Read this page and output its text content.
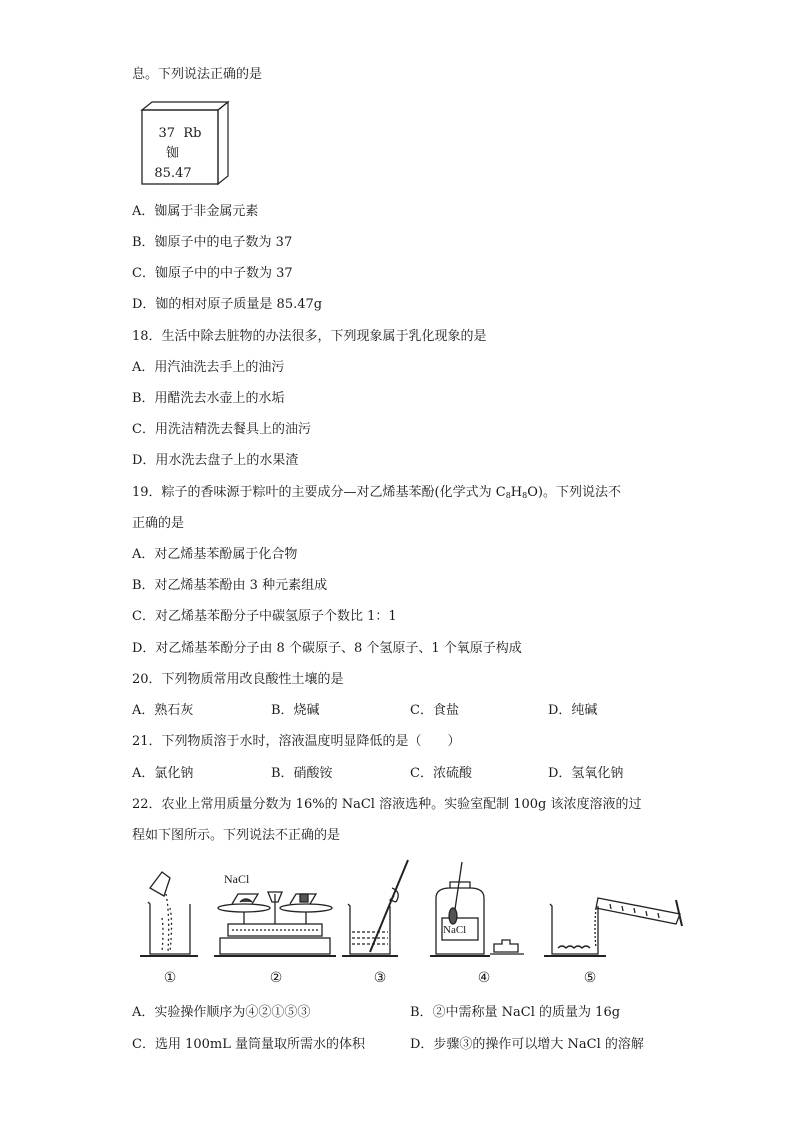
息。下列说法正确的是
37 Rb
铷
85.47
A．铷属于非金属元素
B．铷原子中的电子数为 37
C．铷原子中的中子数为 37
D．铷的相对原子质量是 85.47g
18．生活中除去脏物的办法很多，下列现象属于乳化现象的是
A．用汽油洗去手上的油污
B．用醋洗去水壶上的水垢
C．用洗洁精洗去餐具上的油污
D．用水洗去盘子上的水果渣
19．粽子的香味源于粽叶的主要成分—对乙烯基苯酚(化学式为 $C_8H_8O$)。下列说法不
正确的是
A．对乙烯基苯酚属于化合物
B．对乙烯基苯酚由 3 种元素组成
C．对乙烯基苯酚分子中碳氢原子个数比 1：1
D．对乙烯基苯酚分子由 8 个碳原子、8 个氢原子、1 个氧原子构成
20．下列物质常用改良酸性土壤的是
A．熟石灰	B．烧碱	C．食盐	D．纯碱
21．下列物质溶于水时，溶液温度明显降低的是（　　）
A．氯化钠	B．硝酸铵	C．浓硫酸	D．氢氧化钠
22．农业上常用质量分数为 16%的 NaCl 溶液选种。实验室配制 100g 该浓度溶液的过
程如下图所示。下列说法不正确的是
NaCl
NaCl
①	②	③	④	⑤
A．实验操作顺序为④②①⑤③	B．②中需称量 NaCl 的质量为 16g
C．选用 100mL 量筒量取所需水的体积	D．步骤③的操作可以增大 NaCl 的溶解
